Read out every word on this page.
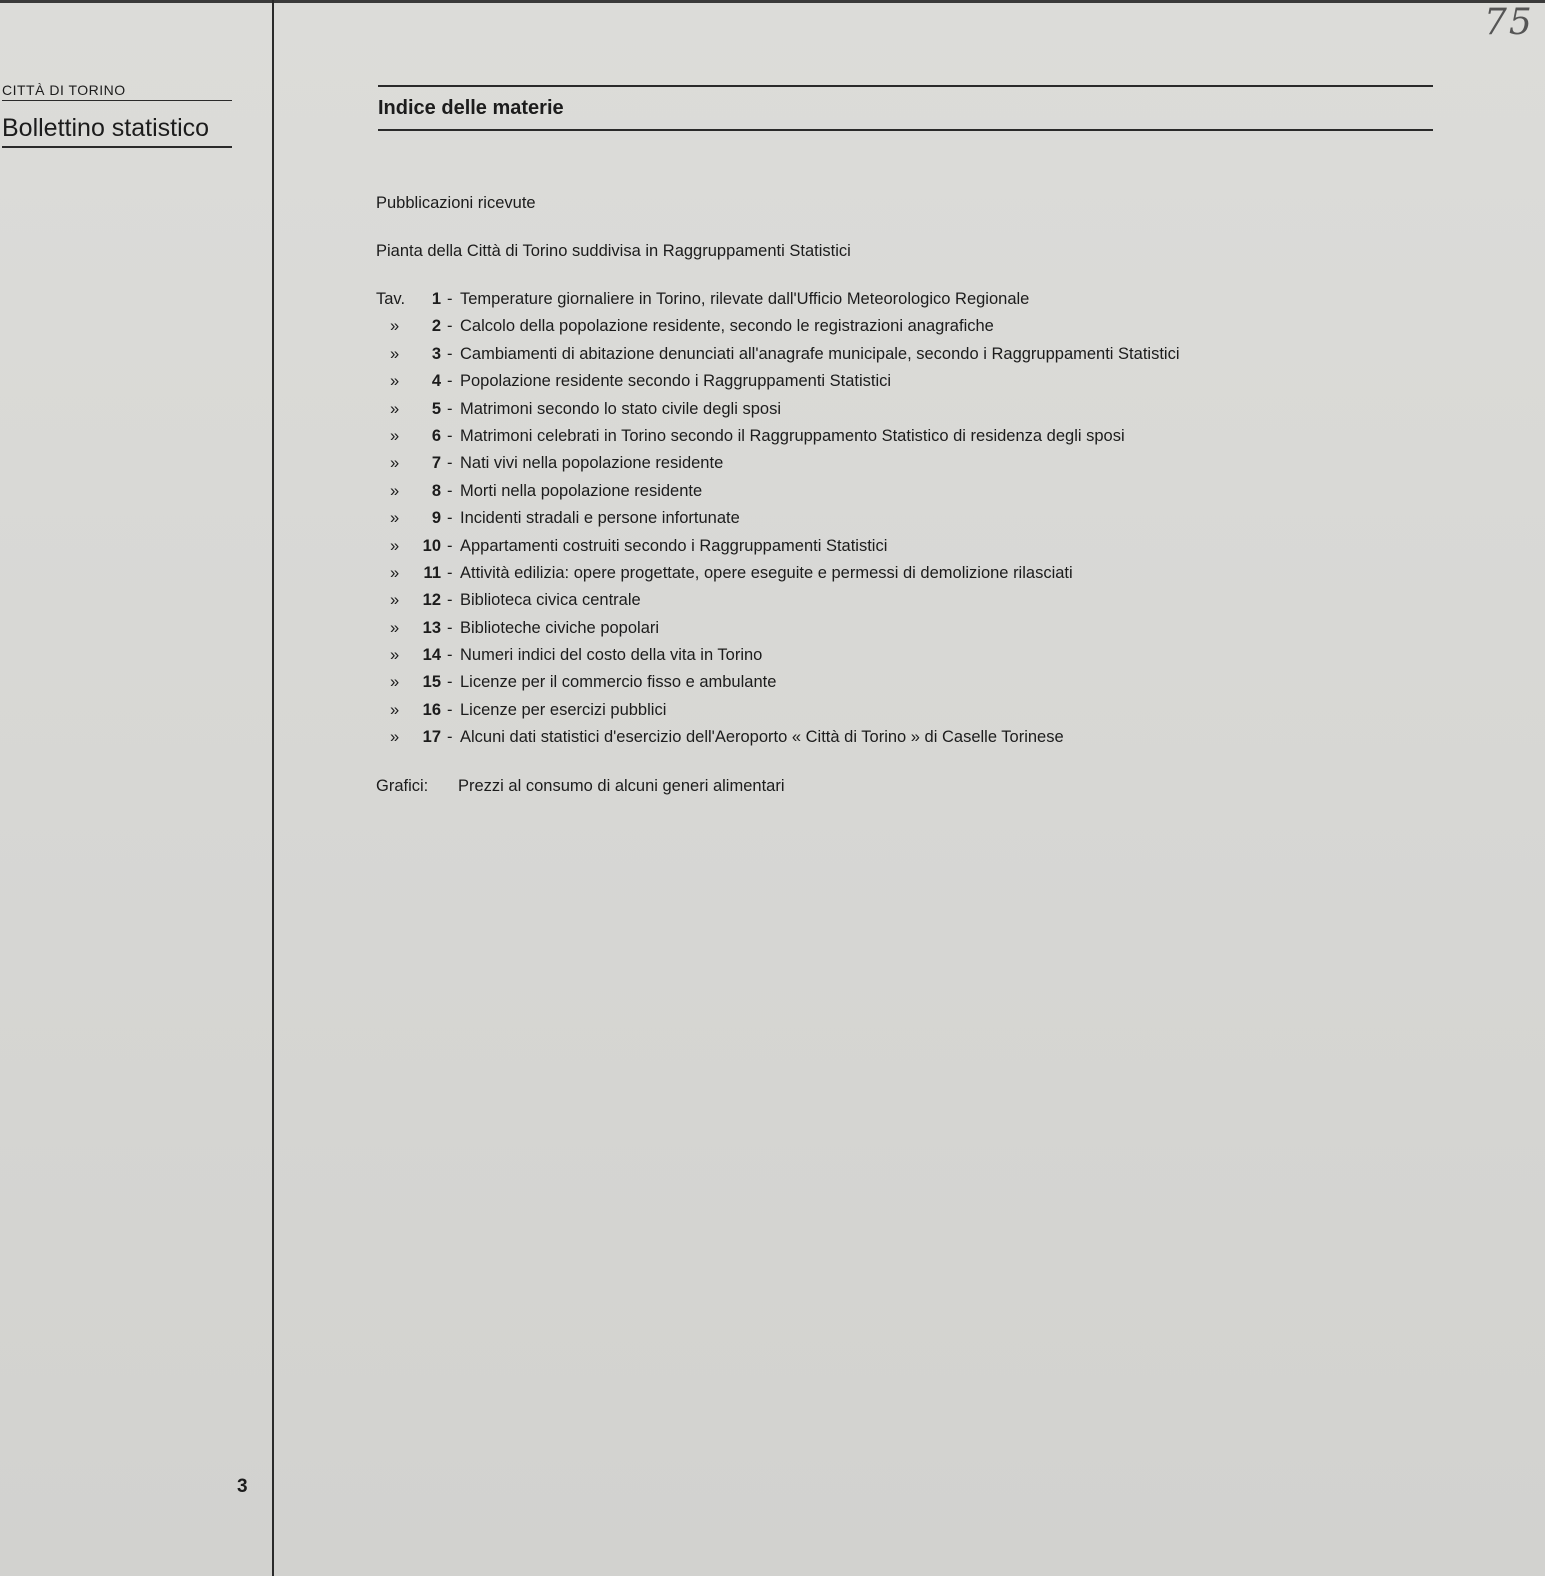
CITTÀ DI TORINO
Bollettino statistico
75
Indice delle materie
Pubblicazioni ricevute
Pianta della Città di Torino suddivisa in Raggruppamenti Statistici
Tav.	1 - Temperature giornaliere in Torino, rilevate dall'Ufficio Meteorologico Regionale
»	2 - Calcolo della popolazione residente, secondo le registrazioni anagrafiche
»	3 - Cambiamenti di abitazione denunciati all'anagrafe municipale, secondo i Raggruppamenti Statistici
»	4 - Popolazione residente secondo i Raggruppamenti Statistici
»	5 - Matrimoni secondo lo stato civile degli sposi
»	6 - Matrimoni celebrati in Torino secondo il Raggruppamento Statistico di residenza degli sposi
»	7 - Nati vivi nella popolazione residente
»	8 - Morti nella popolazione residente
»	9 - Incidenti stradali e persone infortunate
»	10 - Appartamenti costruiti secondo i Raggruppamenti Statistici
»	11 - Attività edilizia: opere progettate, opere eseguite e permessi di demolizione rilasciati
»	12 - Biblioteca civica centrale
»	13 - Biblioteche civiche popolari
»	14 - Numeri indici del costo della vita in Torino
»	15 - Licenze per il commercio fisso e ambulante
»	16 - Licenze per esercizi pubblici
»	17 - Alcuni dati statistici d'esercizio dell'Aeroporto « Città di Torino » di Caselle Torinese
Grafici:	Prezzi al consumo di alcuni generi alimentari
3
